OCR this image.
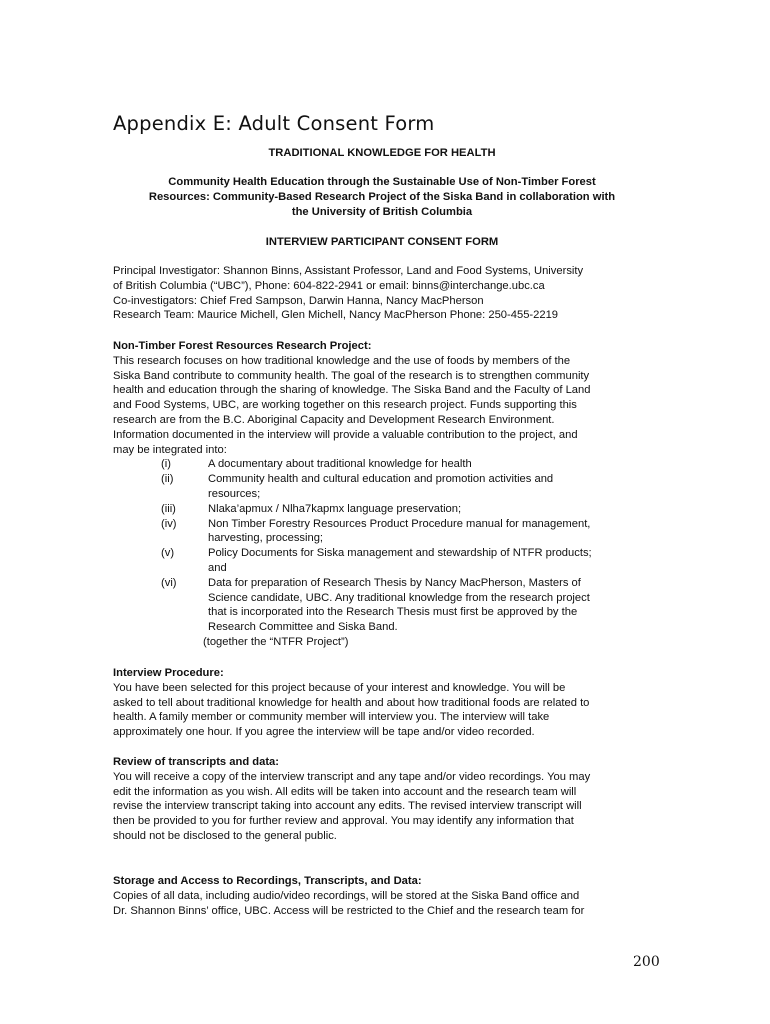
Appendix E: Adult Consent Form
TRADITIONAL KNOWLEDGE FOR HEALTH
Community Health Education through the Sustainable Use of Non-Timber Forest
Resources: Community-Based Research Project of the Siska Band in collaboration with
the University of British Columbia
INTERVIEW PARTICIPANT CONSENT FORM
Principal Investigator: Shannon Binns, Assistant Professor, Land and Food Systems, University
of British Columbia (“UBC”), Phone: 604-822-2941 or email: binns@interchange.ubc.ca
Co-investigators: Chief Fred Sampson, Darwin Hanna, Nancy MacPherson
Research Team: Maurice Michell, Glen Michell, Nancy MacPherson Phone: 250-455-2219
Non-Timber Forest Resources Research Project:
This research focuses on how traditional knowledge and the use of foods by members of the
Siska Band contribute to community health. The goal of the research is to strengthen community
health and education through the sharing of knowledge. The Siska Band and the Faculty of Land
and Food Systems, UBC, are working together on this research project. Funds supporting this
research are from the B.C. Aboriginal Capacity and Development Research Environment.
Information documented in the interview will provide a valuable contribution to the project, and
may be integrated into:
(i)	A documentary about traditional knowledge for health
(ii)	Community health and cultural education and promotion activities and
resources;
(iii)	Nlaka’apmux / Nlha7kapmx language preservation;
(iv)	Non Timber Forestry Resources Product Procedure manual for management,
harvesting, processing;
(v)	Policy Documents for Siska management and stewardship of NTFR products;
and
(vi)	Data for preparation of Research Thesis by Nancy MacPherson, Masters of
Science candidate, UBC. Any traditional knowledge from the research project
that is incorporated into the Research Thesis must first be approved by the
Research Committee and Siska Band.
(together the “NTFR Project”)
Interview Procedure:
You have been selected for this project because of your interest and knowledge. You will be
asked to tell about traditional knowledge for health and about how traditional foods are related to
health. A family member or community member will interview you. The interview will take
approximately one hour. If you agree the interview will be tape and/or video recorded.
Review of transcripts and data:
You will receive a copy of the interview transcript and any tape and/or video recordings. You may
edit the information as you wish. All edits will be taken into account and the research team will
revise the interview transcript taking into account any edits. The revised interview transcript will
then be provided to you for further review and approval. You may identify any information that
should not be disclosed to the general public.
Storage and Access to Recordings, Transcripts, and Data:
Copies of all data, including audio/video recordings, will be stored at the Siska Band office and
Dr. Shannon Binns’ office, UBC. Access will be restricted to the Chief and the research team for
200
